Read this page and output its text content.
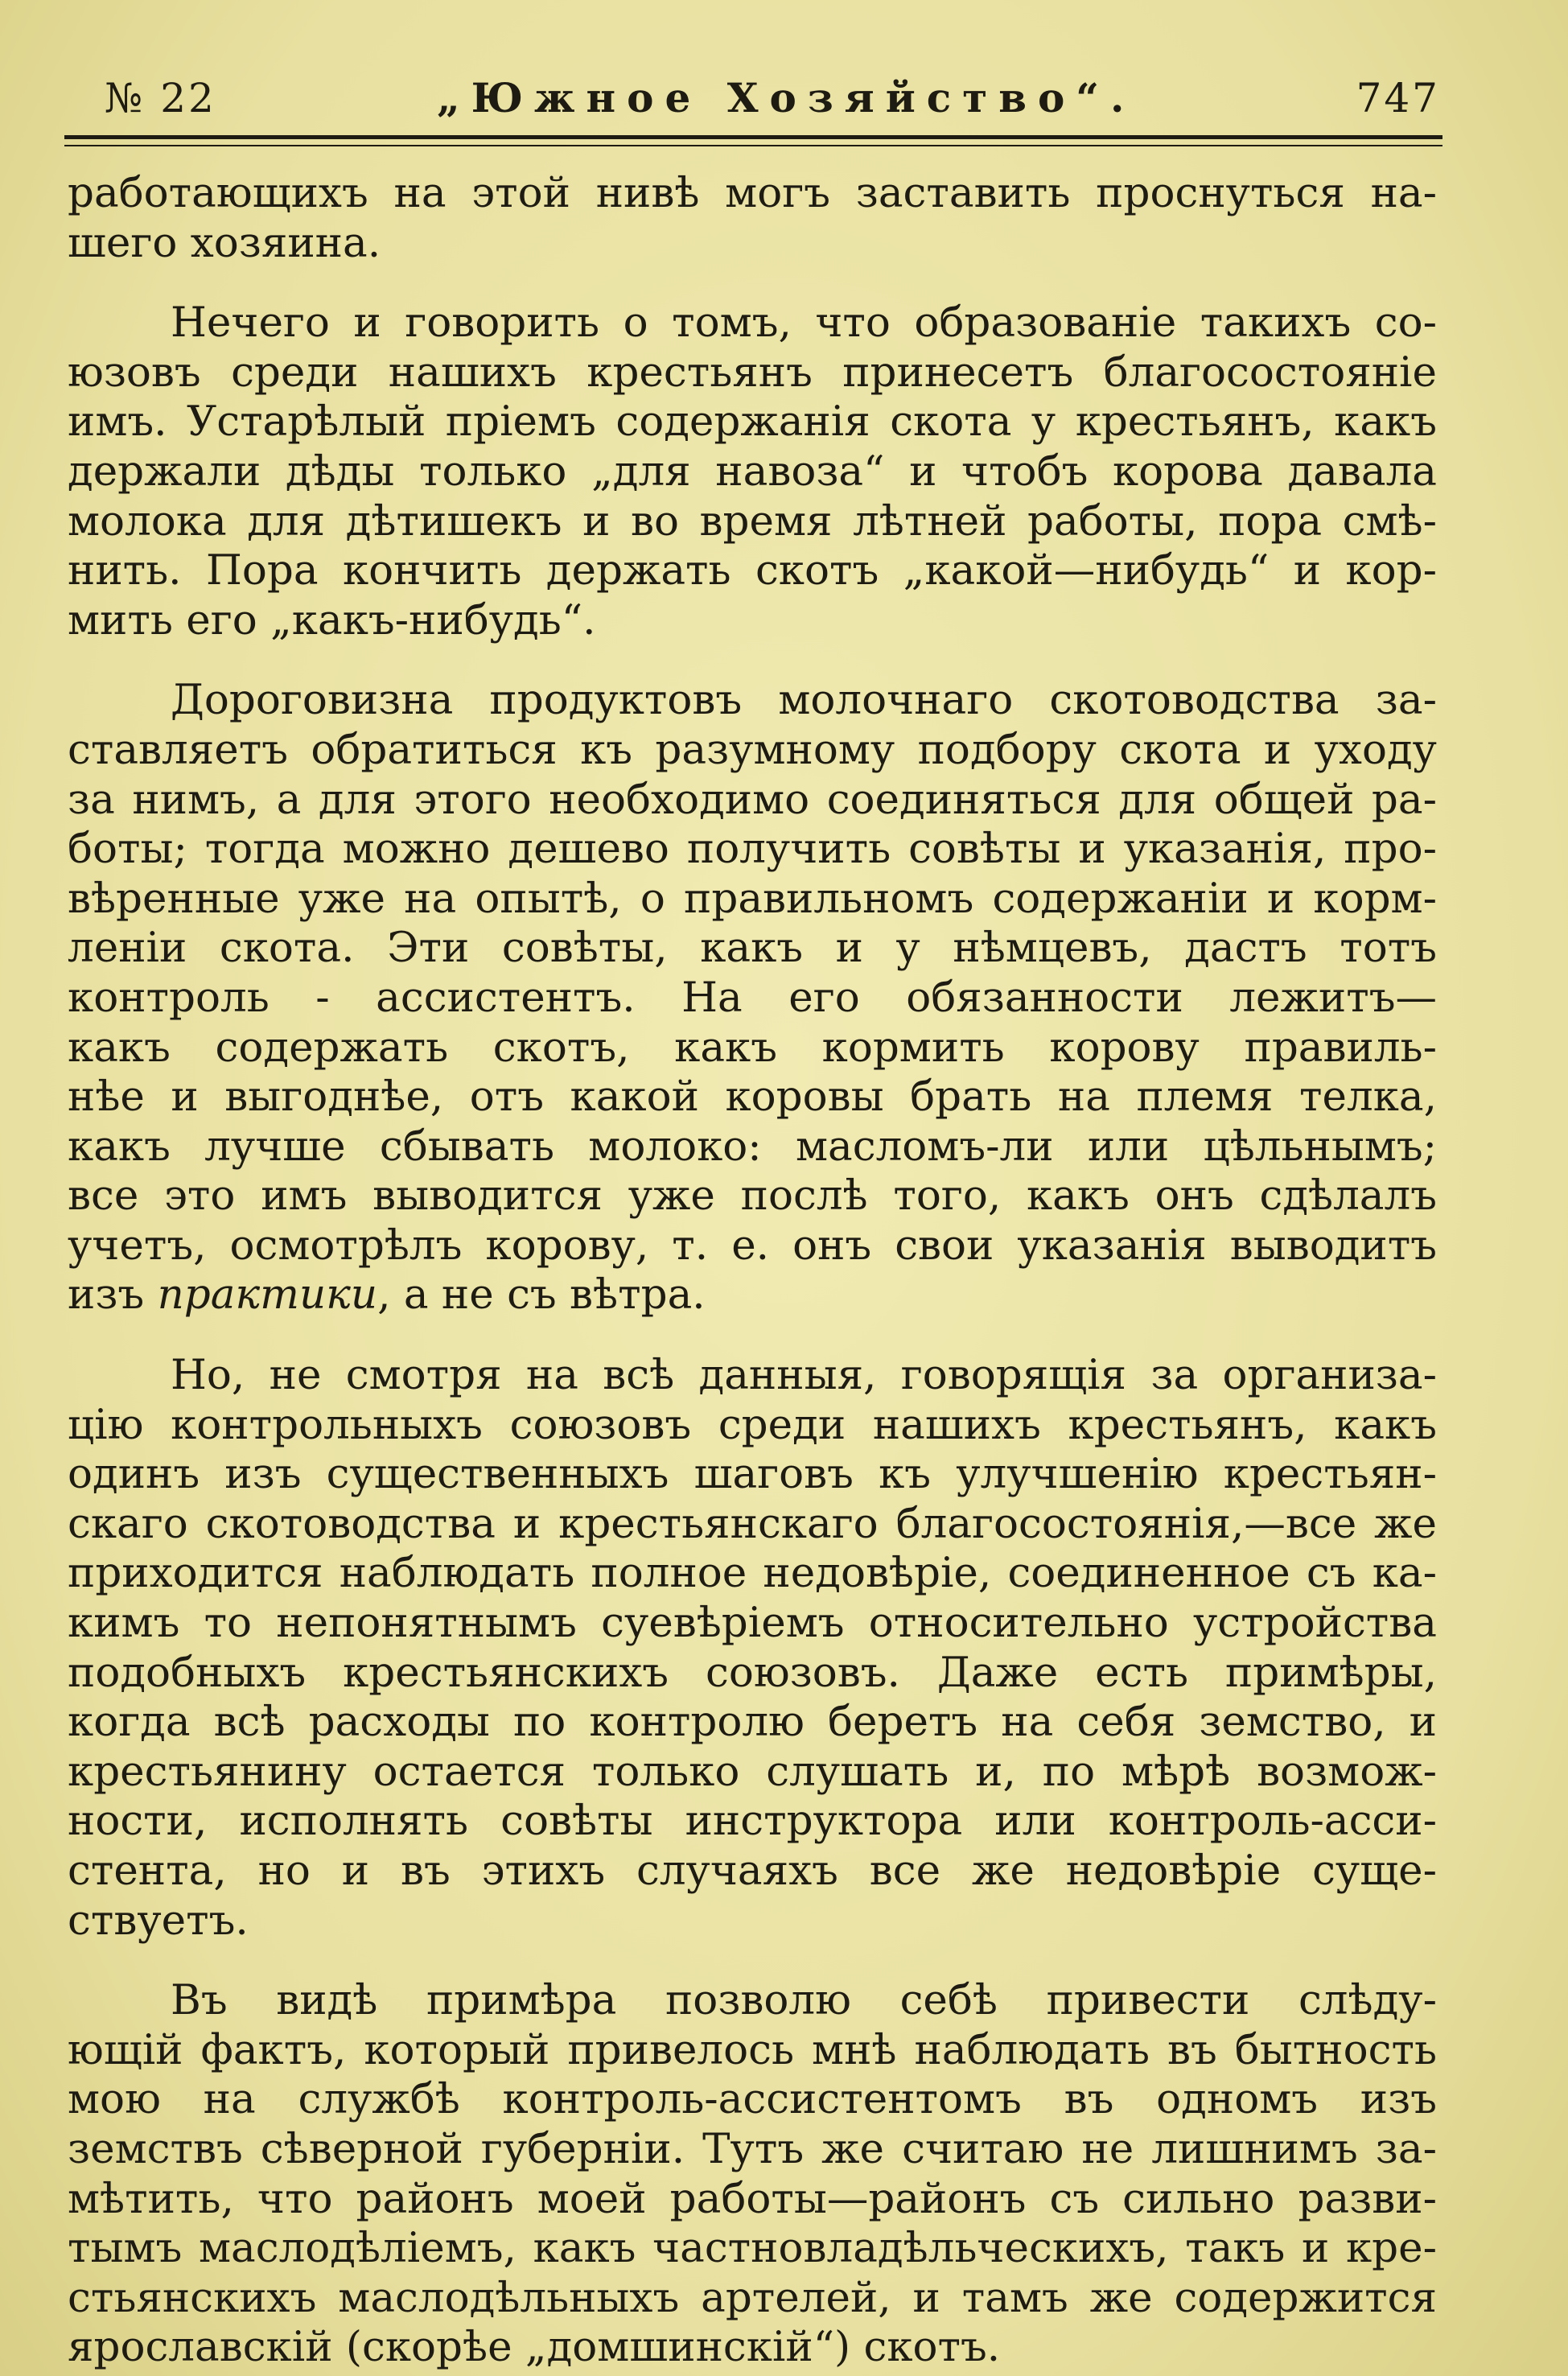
№ 22	„Южное Хозяйство“.	747

работающихъ на этой нивѣ могъ заставить проснуться на-

шего хозяина.

Нечего и говорить о томъ, что образованіе такихъ со-

юзовъ среди нашихъ крестьянъ принесетъ благосостояніе

имъ. Устарѣлый пріемъ содержанія скота у крестьянъ, какъ

держали дѣды только „для навоза“ и чтобъ корова давала

молока для дѣтишекъ и во время лѣтней работы, пора смѣ-

нить. Пора кончить держать скотъ „какой—нибудь“ и кор-

мить его „какъ-нибудь“.

Дороговизна продуктовъ молочнаго скотоводства за-

ставляетъ обратиться къ разумному подбору скота и уходу

за нимъ, а для этого необходимо соединяться для общей ра-

боты; тогда можно дешево получить совѣты и указанія, про-

вѣренные уже на опытѣ, о правильномъ содержаніи и корм-

леніи скота. Эти совѣты, какъ и у нѣмцевъ, дастъ тотъ

контроль - ассистентъ. На его обязанности лежитъ—

какъ содержать скотъ, какъ кормить корову правиль-

нѣе и выгоднѣе, отъ какой коровы брать на племя телка,

какъ лучше сбывать молоко: масломъ-ли или цѣльнымъ;

все это имъ выводится уже послѣ того, какъ онъ сдѣлалъ

учетъ, осмотрѣлъ корову, т. е. онъ свои указанія выводитъ

изъ практики, а не съ вѣтра.

Но, не смотря на всѣ данныя, говорящія за организа-

цію контрольныхъ союзовъ среди нашихъ крестьянъ, какъ

одинъ изъ существенныхъ шаговъ къ улучшенію крестьян-

скаго скотоводства и крестьянскаго благосостоянія,—все же

приходится наблюдать полное недовѣріе, соединенное съ ка-

кимъ то непонятнымъ суевѣріемъ относительно устройства

подобныхъ крестьянскихъ союзовъ. Даже есть примѣры,

когда всѣ расходы по контролю беретъ на себя земство, и

крестьянину остается только слушать и, по мѣрѣ возмож-

ности, исполнять совѣты инструктора или контроль-асси-

стента, но и въ этихъ случаяхъ все же недовѣріе суще-

ствуетъ.

Въ видѣ примѣра позволю себѣ привести слѣду-

ющій фактъ, который привелось мнѣ наблюдать въ бытность

мою на службѣ контроль-ассистентомъ въ одномъ изъ

земствъ сѣверной губерніи. Тутъ же считаю не лишнимъ за-

мѣтить, что районъ моей работы—районъ съ сильно разви-

тымъ маслодѣліемъ, какъ частновладѣльческихъ, такъ и кре-

стьянскихъ маслодѣльныхъ артелей, и тамъ же содержится

ярославскій (скорѣе „домшинскій“) скотъ.
